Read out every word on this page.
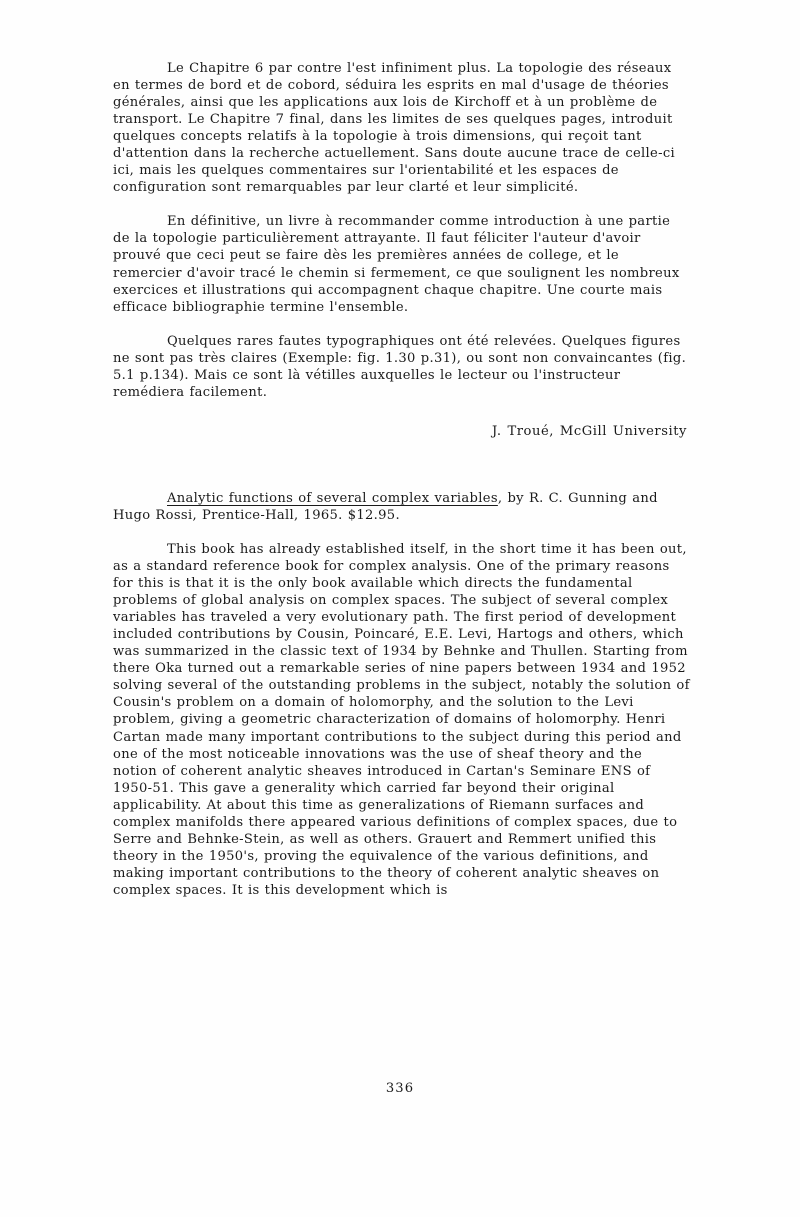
Le Chapitre 6 par contre l'est infiniment plus. La topologie des réseaux en termes de bord et de cobord, séduira les esprits en mal d'usage de théories générales, ainsi que les applications aux lois de Kirchoff et à un problème de transport. Le Chapitre 7 final, dans les limites de ses quelques pages, introduit quelques concepts relatifs à la topologie à trois dimensions, qui reçoit tant d'attention dans la recherche actuellement. Sans doute aucune trace de celle-ci ici, mais les quelques commentaires sur l'orientabilité et les espaces de configuration sont remarquables par leur clarté et leur simplicité.

En définitive, un livre à recommander comme introduction à une partie de la topologie particulièrement attrayante. Il faut féliciter l'auteur d'avoir prouvé que ceci peut se faire dès les premières années de college, et le remercier d'avoir tracé le chemin si fermement, ce que soulignent les nombreux exercices et illustrations qui accompagnent chaque chapitre. Une courte mais efficace bibliographie termine l'ensemble.

Quelques rares fautes typographiques ont été relevées. Quelques figures ne sont pas très claires (Exemple: fig. 1.30 p.31), ou sont non convaincantes (fig. 5.1 p.134). Mais ce sont là vétilles auxquelles le lecteur ou l'instructeur remédiera facilement.

J. Troué, McGill University

Analytic functions of several complex variables, by R. C. Gunning and Hugo Rossi, Prentice-Hall, 1965. $12.95.

This book has already established itself, in the short time it has been out, as a standard reference book for complex analysis. One of the primary reasons for this is that it is the only book available which directs the fundamental problems of global analysis on complex spaces. The subject of several complex variables has traveled a very evolutionary path. The first period of development included contributions by Cousin, Poincaré, E.E. Levi, Hartogs and others, which was summarized in the classic text of 1934 by Behnke and Thullen. Starting from there Oka turned out a remarkable series of nine papers between 1934 and 1952 solving several of the outstanding problems in the subject, notably the solution of Cousin's problem on a domain of holomorphy, and the solution to the Levi problem, giving a geometric characterization of domains of holomorphy. Henri Cartan made many important contributions to the subject during this period and one of the most noticeable innovations was the use of sheaf theory and the notion of coherent analytic sheaves introduced in Cartan's Seminare ENS of 1950-51. This gave a generality which carried far beyond their original applicability. At about this time as generalizations of Riemann surfaces and complex manifolds there appeared various definitions of complex spaces, due to Serre and Behnke-Stein, as well as others. Grauert and Remmert unified this theory in the 1950's, proving the equivalence of the various definitions, and making important contributions to the theory of coherent analytic sheaves on complex spaces. It is this development which is

336
